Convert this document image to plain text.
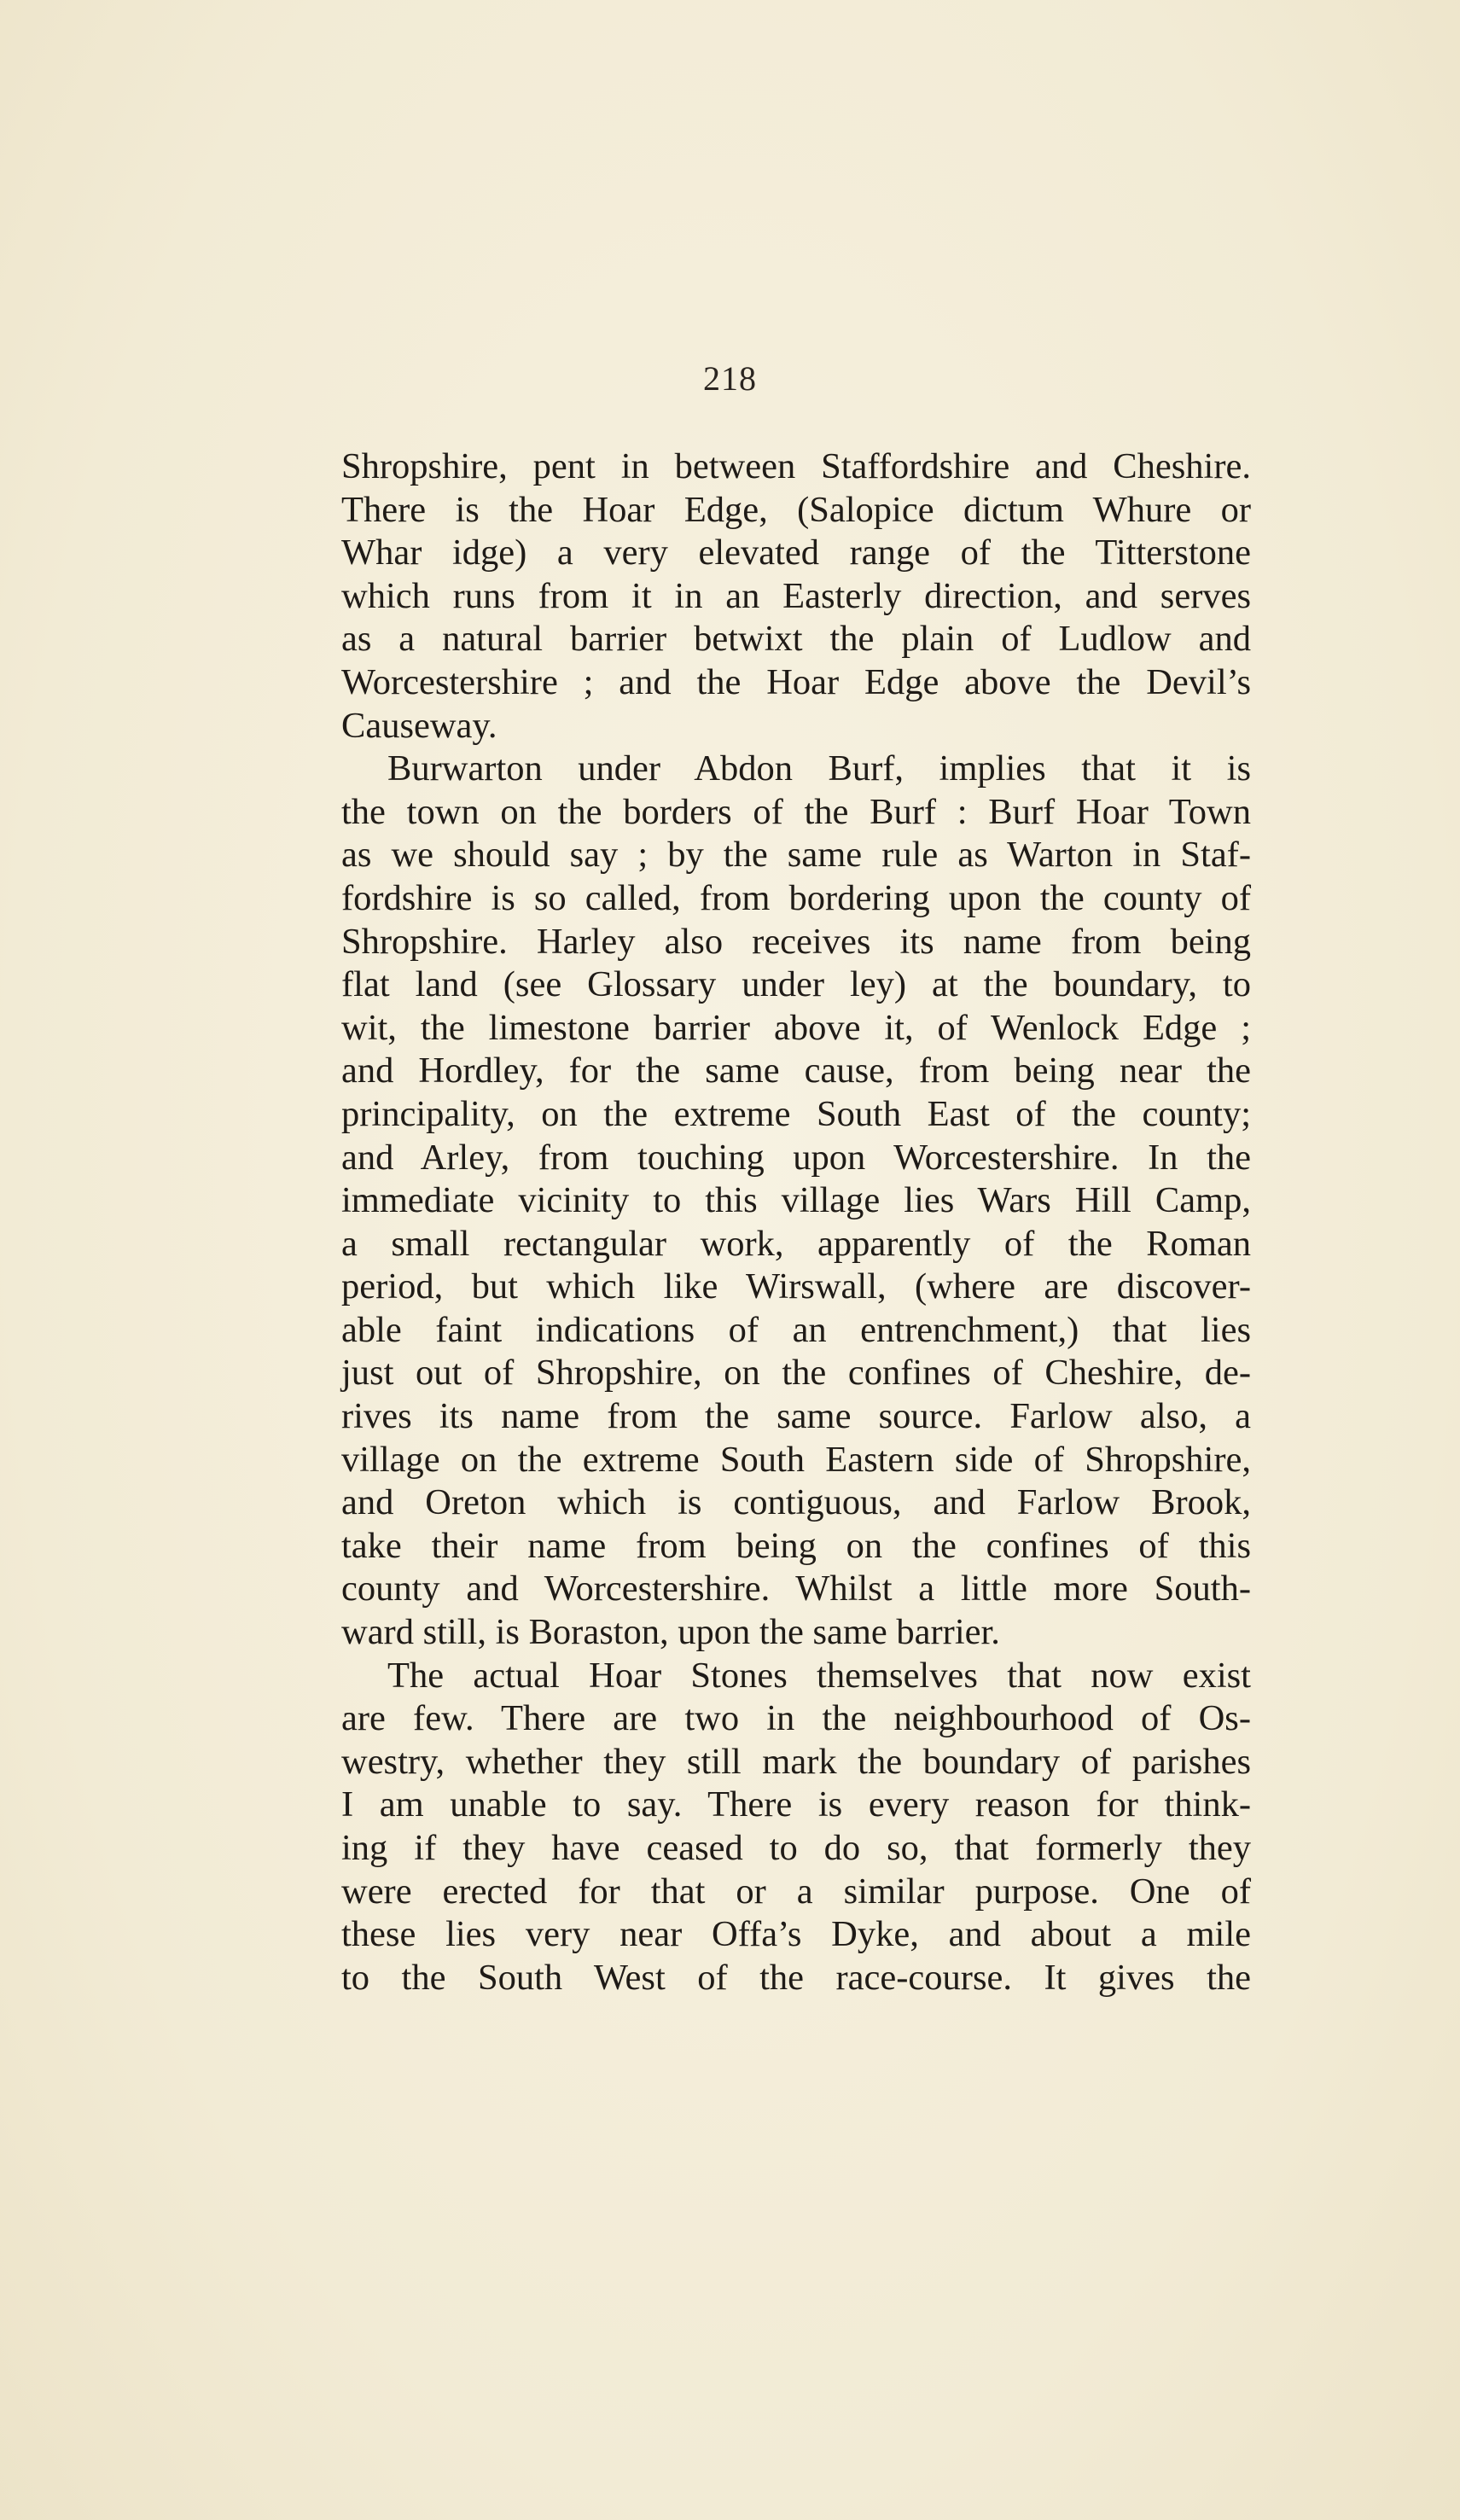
218
Shropshire, pent in between Staffordshire and Cheshire.
There is the Hoar Edge, (Salopice dictum Whure or
Whar idge) a very elevated range of the Titterstone
which runs from it in an Easterly direction, and serves
as a natural barrier betwixt the plain of Ludlow and
Worcestershire ; and the Hoar Edge above the Devil’s
Causeway.
Burwarton under Abdon Burf, implies that it is
the town on the borders of the Burf : Burf Hoar Town
as we should say ; by the same rule as Warton in Staf-
fordshire is so called, from bordering upon the county of
Shropshire. Harley also receives its name from being
flat land (see Glossary under ley) at the boundary, to
wit, the limestone barrier above it, of Wenlock Edge ;
and Hordley, for the same cause, from being near the
principality, on the extreme South East of the county;
and Arley, from touching upon Worcestershire. In the
immediate vicinity to this village lies Wars Hill Camp,
a small rectangular work, apparently of the Roman
period, but which like Wirswall, (where are discover-
able faint indications of an entrenchment,) that lies
just out of Shropshire, on the confines of Cheshire, de-
rives its name from the same source. Farlow also, a
village on the extreme South Eastern side of Shropshire,
and Oreton which is contiguous, and Farlow Brook,
take their name from being on the confines of this
county and Worcestershire. Whilst a little more South-
ward still, is Boraston, upon the same barrier.
The actual Hoar Stones themselves that now exist
are few. There are two in the neighbourhood of Os-
westry, whether they still mark the boundary of parishes
I am unable to say. There is every reason for think-
ing if they have ceased to do so, that formerly they
were erected for that or a similar purpose. One of
these lies very near Offa’s Dyke, and about a mile
to the South West of the race-course. It gives the
